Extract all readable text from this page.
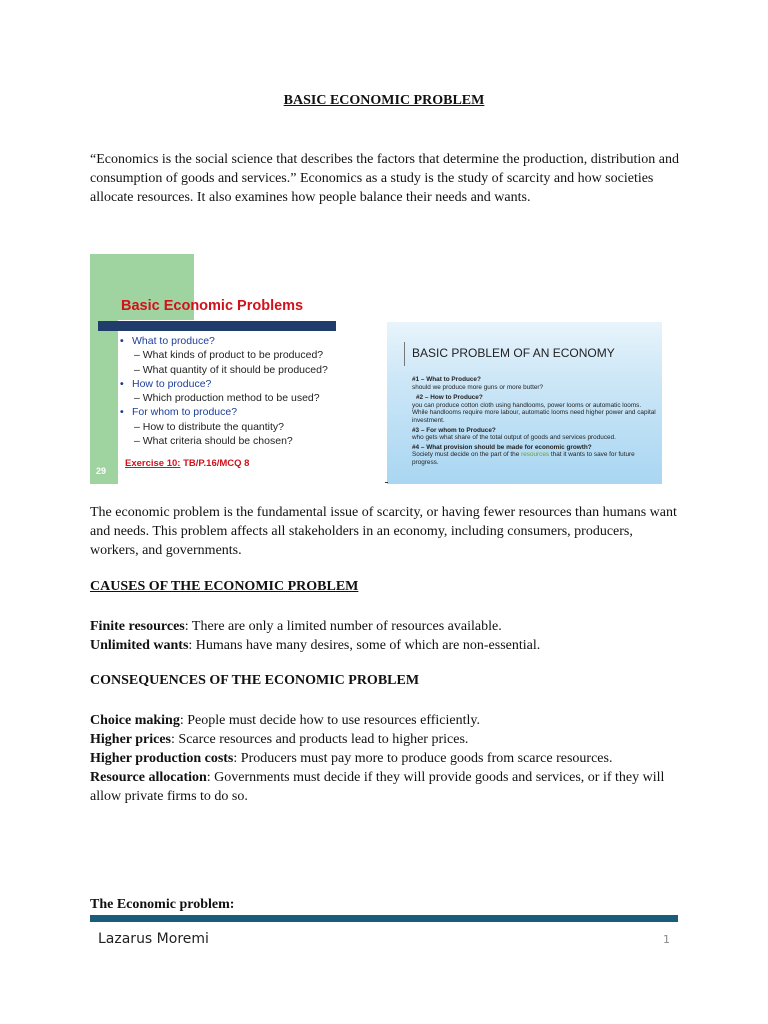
BASIC ECONOMIC PROBLEM
“Economics is the social science that describes the factors that determine the production, distribution and consumption of goods and services.” Economics as a study is the study of scarcity and how societies allocate resources. It also examines how people balance their needs and wants.
Basic Economic Problems
• What to produce?
– What kinds of product to be produced?
– What quantity of it should be produced?
• How to produce?
– Which production method to be used?
• For whom to produce?
– How to distribute the quantity?
– What criteria should be chosen?
Exercise 10: TB/P.16/MCQ 8
29
BASIC PROBLEM OF AN ECONOMY
#1 – What to Produce?
should we produce more guns or more butter?
#2 – How to Produce?
you can produce cotton cloth using handlooms, power looms or automatic looms. While handlooms require more labour, automatic looms need higher power and capital investment.
#3 – For whom to Produce?
who gets what share of the total output of goods and services produced.
#4 – What provision should be made for economic growth?
Society must decide on the part of the resources that it wants to save for future progress.
The economic problem is the fundamental issue of scarcity, or having fewer resources than humans want and needs. This problem affects all stakeholders in an economy, including consumers, producers, workers, and governments.
CAUSES OF THE ECONOMIC PROBLEM
Finite resources: There are only a limited number of resources available.
Unlimited wants: Humans have many desires, some of which are non-essential.
CONSEQUENCES OF THE ECONOMIC PROBLEM
Choice making: People must decide how to use resources efficiently.
Higher prices: Scarce resources and products lead to higher prices.
Higher production costs: Producers must pay more to produce goods from scarce resources.
Resource allocation: Governments must decide if they will provide goods and services, or if they will allow private firms to do so.
The Economic problem:
Lazarus Moremi	1
